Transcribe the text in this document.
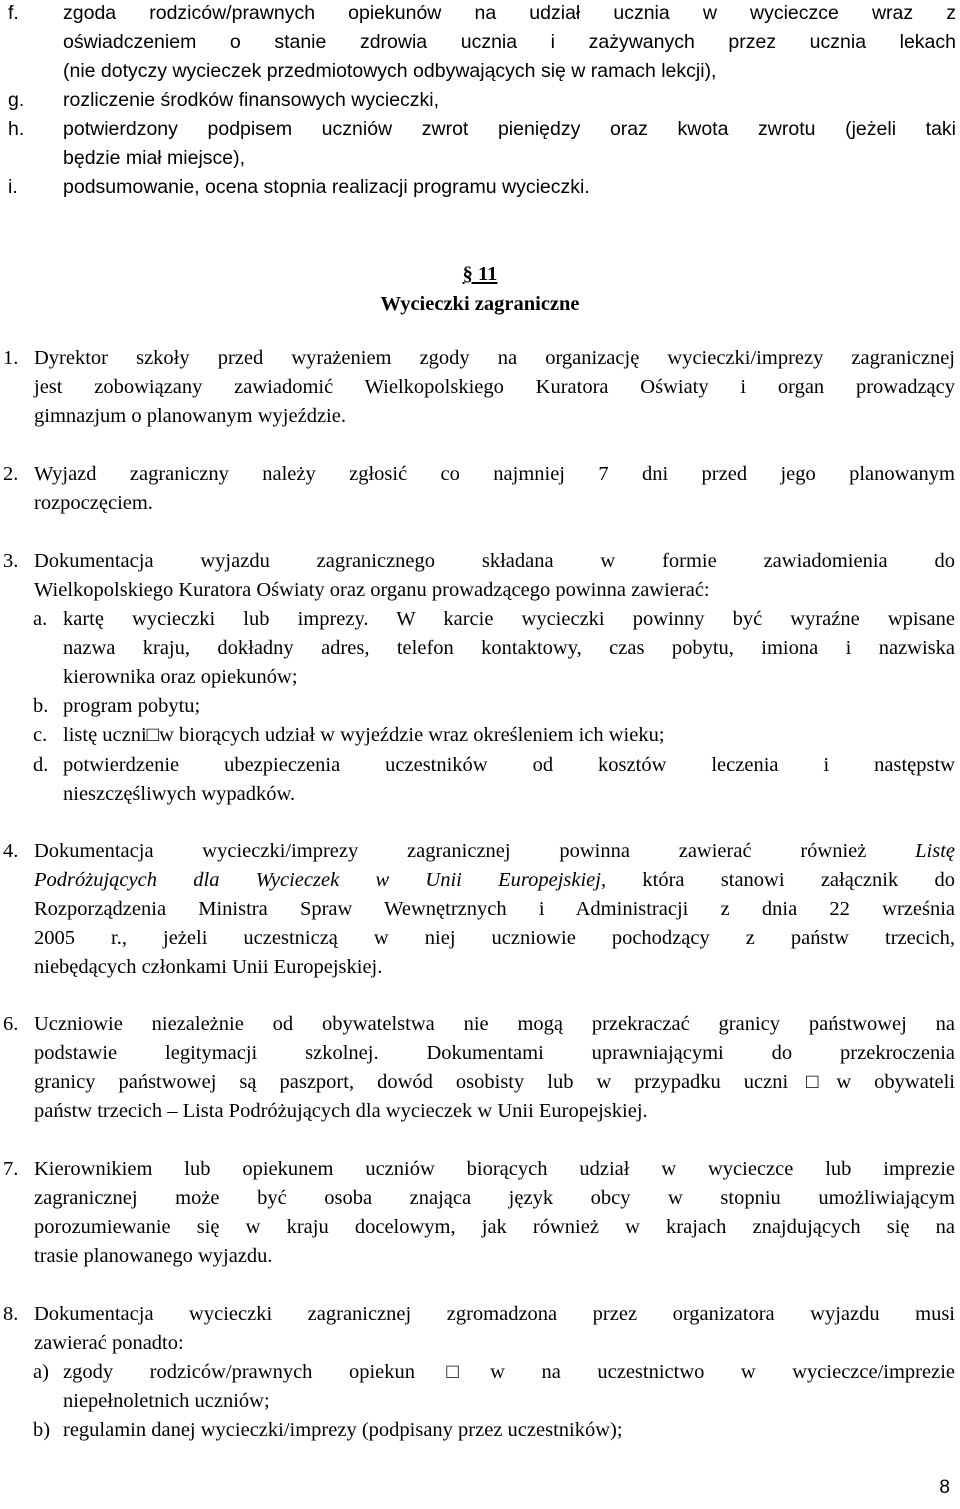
f. zgoda rodziców/prawnych opiekunów na udział ucznia w wycieczce wraz z
oświadczeniem o stanie zdrowia ucznia i zażywanych przez ucznia lekach
(nie dotyczy wycieczek przedmiotowych odbywających się w ramach lekcji),
g. rozliczenie środków finansowych wycieczki,
h. potwierdzony podpisem uczniów zwrot pieniędzy oraz kwota zwrotu (jeżeli taki
będzie miał miejsce),
i. podsumowanie, ocena stopnia realizacji programu wycieczki.
§ 11
Wycieczki zagraniczne
1. Dyrektor szkoły przed wyrażeniem zgody na organizację wycieczki/imprezy zagranicznej
jest zobowiązany zawiadomić Wielkopolskiego Kuratora Oświaty i organ prowadzący
gimnazjum o planowanym wyjeździe.
2. Wyjazd zagraniczny należy zgłosić co najmniej 7 dni przed jego planowanym
rozpoczęciem.
3. Dokumentacja wyjazdu zagranicznego składana w formie zawiadomienia do
Wielkopolskiego Kuratora Oświaty oraz organu prowadzącego powinna zawierać:
a. kartę wycieczki lub imprezy. W karcie wycieczki powinny być wyraźne wpisane
nazwa kraju, dokładny adres, telefon kontaktowy, czas pobytu, imiona i nazwiska
kierownika oraz opiekunów;
b. program pobytu;
c. listę uczni□w biorących udział w wyjeździe wraz określeniem ich wieku;
d. potwierdzenie ubezpieczenia uczestników od kosztów leczenia i następstw
nieszczęśliwych wypadków.
4. Dokumentacja wycieczki/imprezy zagranicznej powinna zawierać również Listę
Podróżujących dla Wycieczek w Unii Europejskiej, która stanowi załącznik do
Rozporządzenia Ministra Spraw Wewnętrznych i Administracji z dnia 22 września
2005 r., jeżeli uczestniczą w niej uczniowie pochodzący z państw trzecich,
niebędących członkami Unii Europejskiej.
6. Uczniowie niezależnie od obywatelstwa nie mogą przekraczać granicy państwowej na
podstawie legitymacji szkolnej. Dokumentami uprawniającymi do przekroczenia
granicy państwowej są paszport, dowód osobisty lub w przypadku uczni□w obywateli
państw trzecich – Lista Podróżujących dla wycieczek w Unii Europejskiej.
7. Kierownikiem lub opiekunem uczniów biorących udział w wycieczce lub imprezie
zagranicznej może być osoba znająca język obcy w stopniu umożliwiającym
porozumiewanie się w kraju docelowym, jak również w krajach znajdujących się na
trasie planowanego wyjazdu.
8. Dokumentacja wycieczki zagranicznej zgromadzona przez organizatora wyjazdu musi
zawierać ponadto:
a) zgody rodziców/prawnych opiekun□w na uczestnictwo w wycieczce/imprezie
niepełnoletnich uczniów;
b) regulamin danej wycieczki/imprezy (podpisany przez uczestników);
8
